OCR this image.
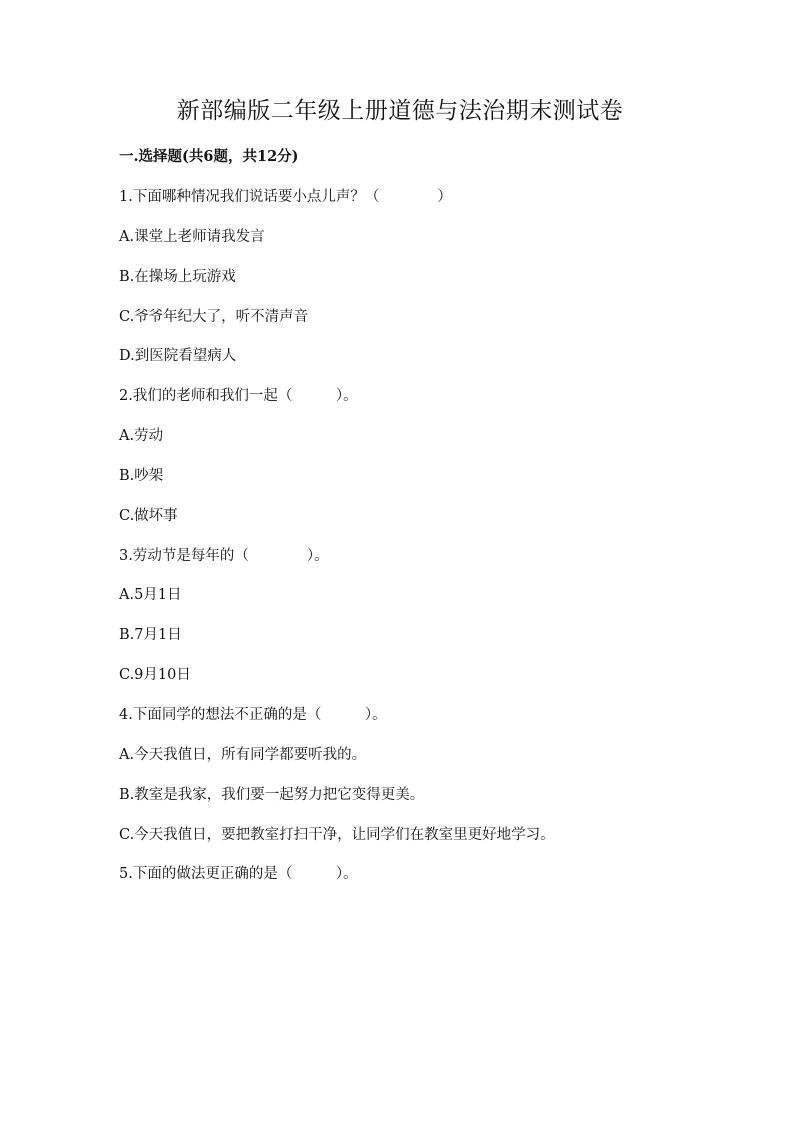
新部编版二年级上册道德与法治期末测试卷
一.选择题(共6题，共12分)
1.下面哪种情况我们说话要小点儿声？（　　　　）
A.课堂上老师请我发言
B.在操场上玩游戏
C.爷爷年纪大了，听不清声音
D.到医院看望病人
2.我们的老师和我们一起（　　　）。
A.劳动
B.吵架
C.做坏事
3.劳动节是每年的（　　　　）。
A.5月1日
B.7月1日
C.9月10日
4.下面同学的想法不正确的是（　　　）。
A.今天我值日，所有同学都要听我的。
B.教室是我家，我们要一起努力把它变得更美。
C.今天我值日，要把教室打扫干净，让同学们在教室里更好地学习。
5.下面的做法更正确的是（　　　）。
